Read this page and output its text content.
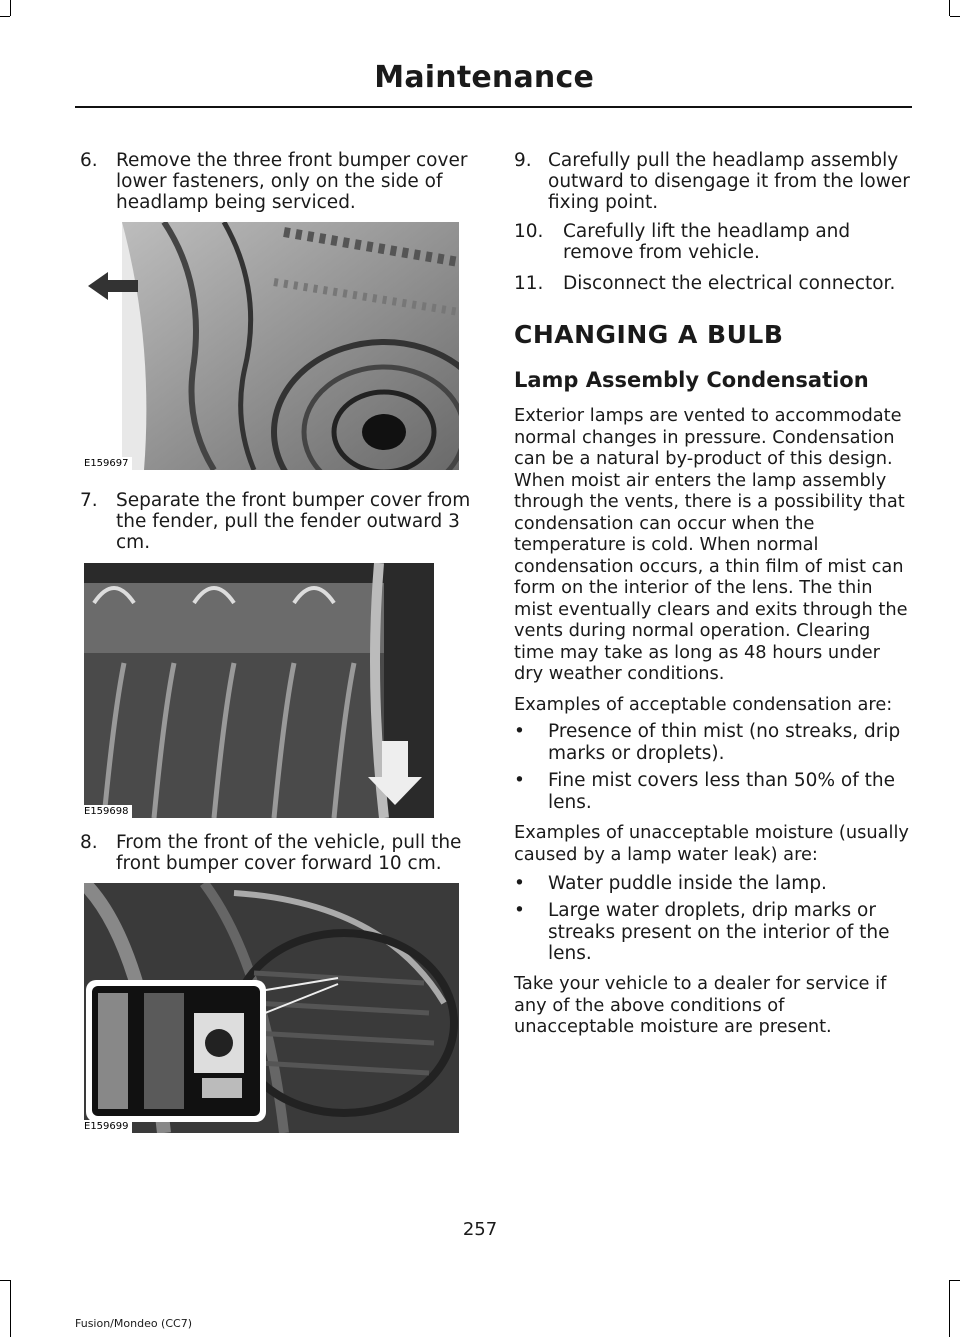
Maintenance
6. Remove the three front bumper cover lower fasteners, only on the side of headlamp being serviced.
E159697
7. Separate the front bumper cover from the fender, pull the fender outward 3 cm.
E159698
8. From the front of the vehicle, pull the front bumper cover forward 10 cm.
E159699
9. Carefully pull the headlamp assembly outward to disengage it from the lower fixing point.
10.	Carefully lift the headlamp and remove from vehicle.
11.	Disconnect the electrical connector.
CHANGING A BULB
Lamp Assembly Condensation

Exterior lamps are vented to accommodate normal changes in pressure. Condensation can be a natural by-product of this design. When moist air enters the lamp assembly through the vents, there is a possibility that condensation can occur when the temperature is cold. When normal condensation occurs, a thin film of mist can form on the interior of the lens. The thin mist eventually clears and exits through the vents during normal operation. Clearing time may take as long as 48 hours under dry weather conditions.

Examples of acceptable condensation are:

•	Presence of thin mist (no streaks, drip marks or droplets).
•	Fine mist covers less than 50% of the lens.

Examples of unacceptable moisture (usually caused by a lamp water leak) are:

•	Water puddle inside the lamp.
•	Large water droplets, drip marks or streaks present on the interior of the lens.

Take your vehicle to a dealer for service if any of the above conditions of unacceptable moisture are present.

257
Fusion/Mondeo (CC7)
